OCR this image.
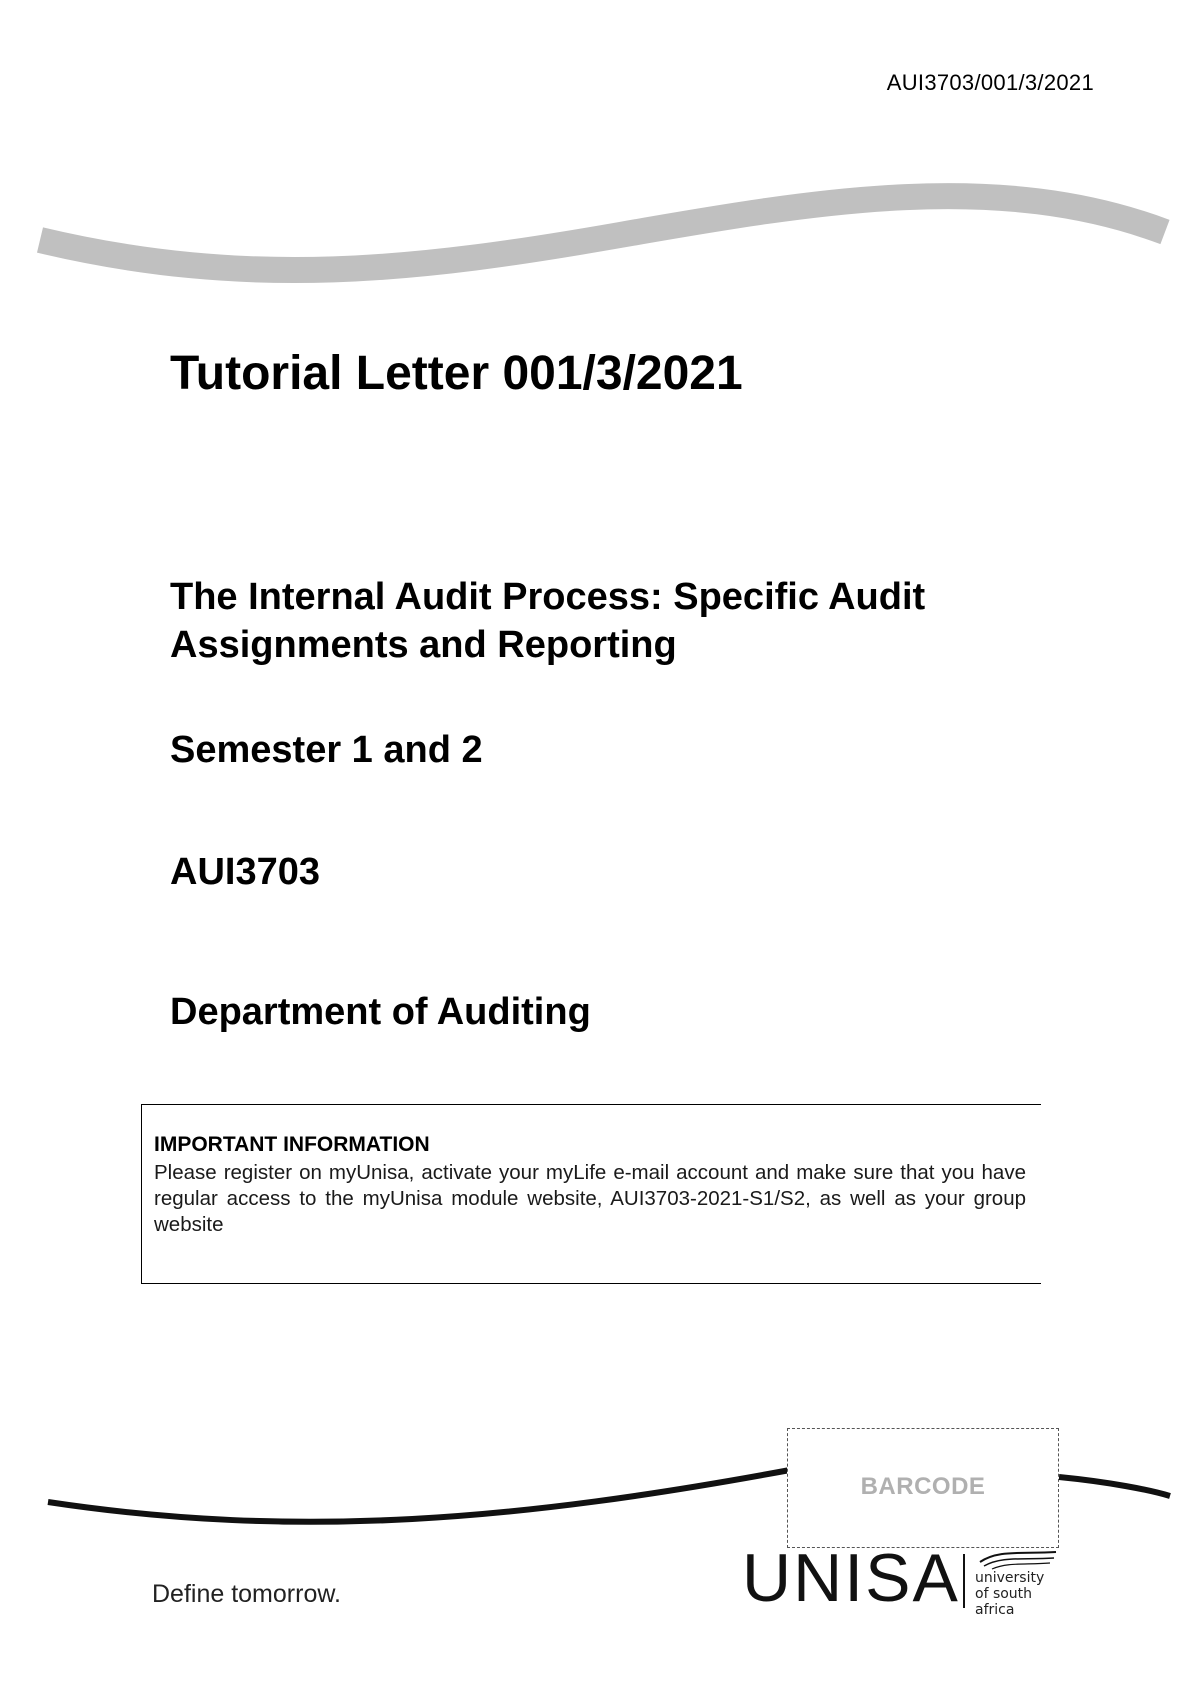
AUI3703/001/3/2021
Tutorial Letter 001/3/2021
The Internal Audit Process: Specific Audit Assignments and Reporting
Semester 1 and 2
AUI3703
Department of Auditing
IMPORTANT INFORMATION
Please register on myUnisa, activate your myLife e-mail account and make sure that you have regular access to the myUnisa module website, AUI3703-2021-S1/S2, as well as your group website
BARCODE
Define tomorrow.	UNISA university
of south africa
